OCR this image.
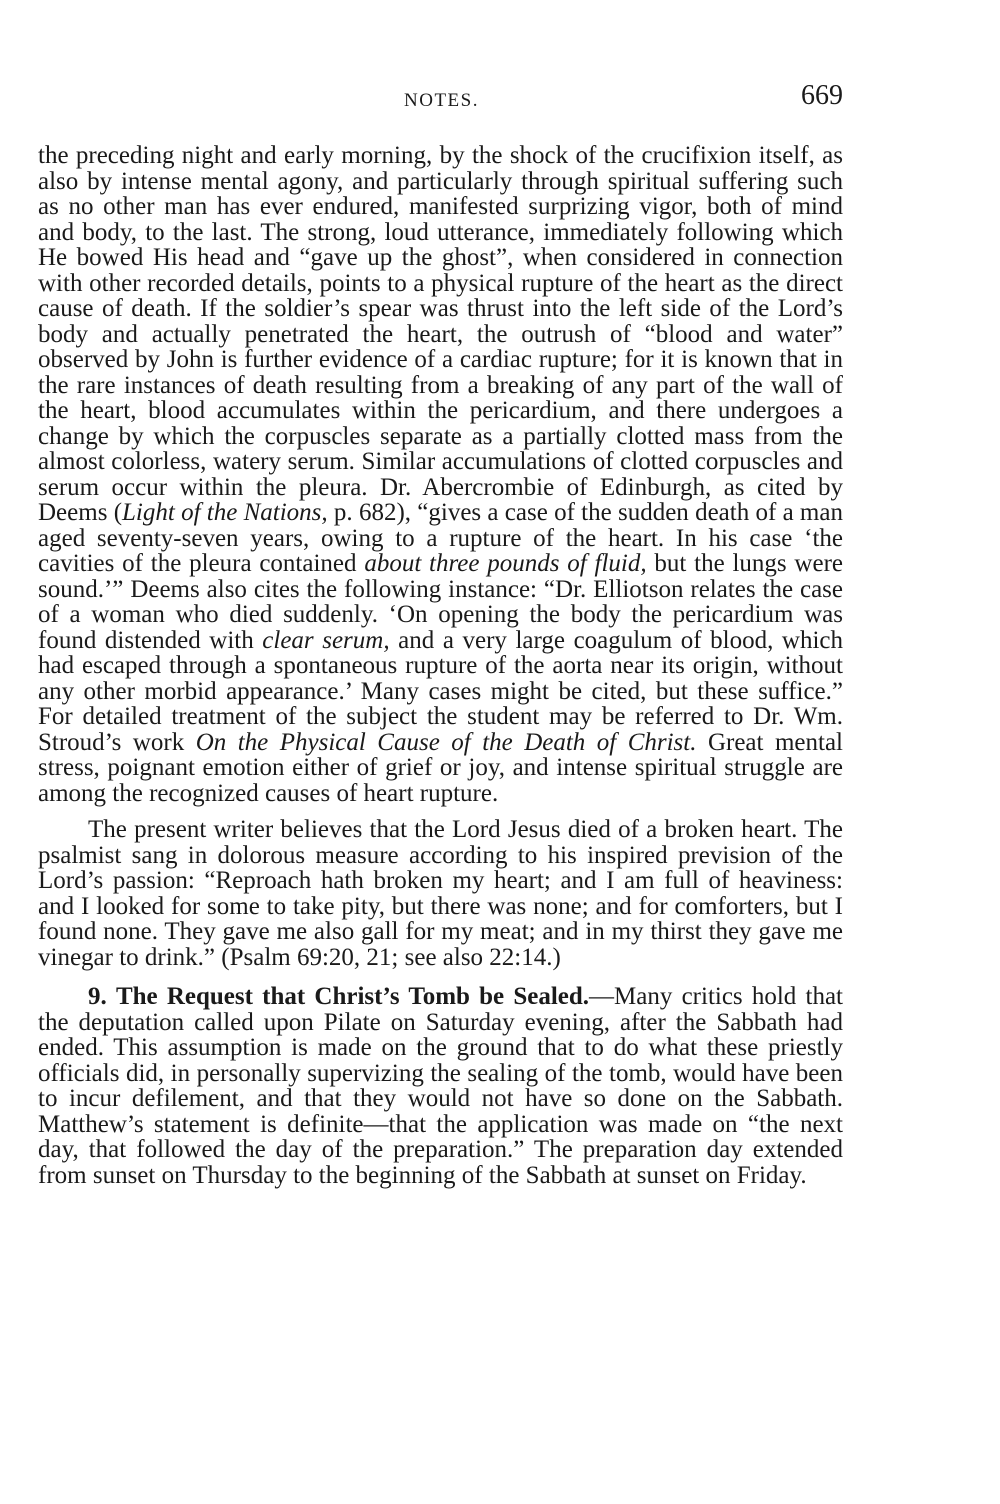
NOTES.	669

the preceding night and early morning, by the shock of the crucifixion itself, as also by intense mental agony, and particularly through spiritual suffering such as no other man has ever endured, manifested surprizing vigor, both of mind and body, to the last. The strong, loud utterance, immediately following which He bowed His head and “gave up the ghost”, when considered in connection with other recorded details, points to a physical rupture of the heart as the direct cause of death. If the soldier’s spear was thrust into the left side of the Lord’s body and actually penetrated the heart, the outrush of “blood and water” observed by John is further evidence of a cardiac rupture; for it is known that in the rare instances of death resulting from a breaking of any part of the wall of the heart, blood accumulates within the pericardium, and there undergoes a change by which the corpuscles separate as a partially clotted mass from the almost colorless, watery serum. Similar accumulations of clotted corpuscles and serum occur within the pleura. Dr. Abercrombie of Edinburgh, as cited by Deems (Light of the Nations, p. 682), “gives a case of the sudden death of a man aged seventy-seven years, owing to a rupture of the heart. In his case ‘the cavities of the pleura contained about three pounds of fluid, but the lungs were sound.’” Deems also cites the following instance: “Dr. Elliotson relates the case of a woman who died suddenly. ‘On opening the body the pericardium was found distended with clear serum, and a very large coagulum of blood, which had escaped through a spontaneous rupture of the aorta near its origin, without any other morbid appearance.’ Many cases might be cited, but these suffice.” For detailed treatment of the subject the student may be referred to Dr. Wm. Stroud’s work On the Physical Cause of the Death of Christ. Great mental stress, poignant emotion either of grief or joy, and intense spiritual struggle are among the recognized causes of heart rupture.

The present writer believes that the Lord Jesus died of a broken heart. The psalmist sang in dolorous measure according to his inspired prevision of the Lord’s passion: “Reproach hath broken my heart; and I am full of heaviness: and I looked for some to take pity, but there was none; and for comforters, but I found none. They gave me also gall for my meat; and in my thirst they gave me vinegar to drink.” (Psalm 69:20, 21; see also 22:14.)

9. The Request that Christ’s Tomb be Sealed.—Many critics hold that the deputation called upon Pilate on Saturday evening, after the Sabbath had ended. This assumption is made on the ground that to do what these priestly officials did, in personally supervizing the sealing of the tomb, would have been to incur defilement, and that they would not have so done on the Sabbath. Matthew’s statement is definite—that the application was made on “the next day, that followed the day of the preparation.” The preparation day extended from sunset on Thursday to the beginning of the Sabbath at sunset on Friday.
